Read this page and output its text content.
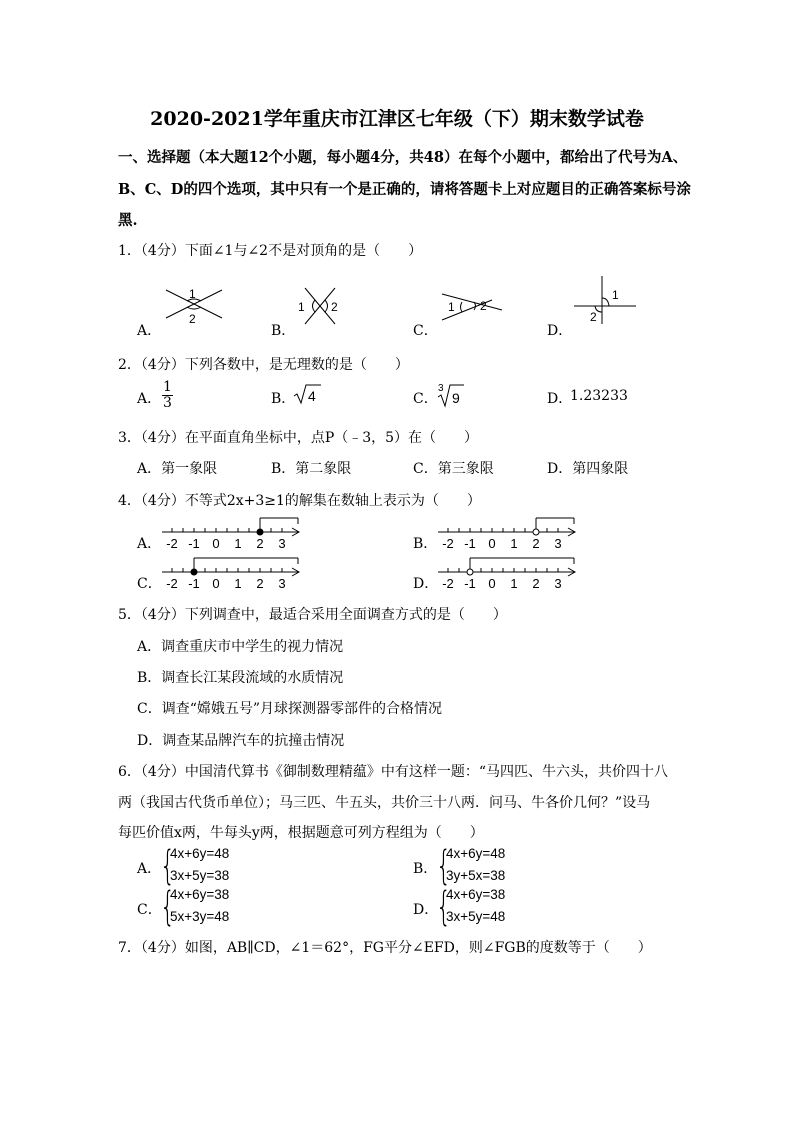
2020-2021学年重庆市江津区七年级（下）期末数学试卷
一、选择题（本大题12个小题，每小题4分，共48）在每个小题中，都给出了代号为A、
B、C、D的四个选项，其中只有一个是正确的，请将答题卡上对应题目的正确答案标号涂
黑.
1．（4分）下面∠1与∠2不是对顶角的是（　　）
A．	B．	C．	D．
1
2
1 2	1 2
1
2
2．（4分）下列各数中，是无理数的是（　　）
A． $\frac{1}{3}$	B． 4	C．
3
9	D．
1.23233
3．（4分）在平面直角坐标中，点P（﹣3，5）在（　　）
A．第一象限	B．第二象限	C．第三象限	D．第四象限
4．（4分）不等式2x+3≥1的解集在数轴上表示为（　　）
A．	B．
C．	D．
-2 -1 0 1 2 3	-2 -1 0 1 2 3
-2 -1 0 1 2 3	-2 -1 0 1 2 3
5．（4分）下列调查中，最适合采用全面调查方式的是（　　）
A．调查重庆市中学生的视力情况
B．调查长江某段流域的水质情况
C．调查“嫦娥五号”月球探测器零部件的合格情况
D．调查某品牌汽车的抗撞击情况
6．（4分）中国清代算书《御制数理精蕴》中有这样一题：“马四匹、牛六头，共价四十八
两（我国古代货币单位）；马三匹、牛五头，共价三十八两．问马、牛各价几何？”设马
每匹价值x两，牛每头y两，根据题意可列方程组为（　　）
A．
{
4x+6y=48
3x+5y=38	B．
{
4x+6y=48
3y+5x=38
C．
{
4x+6y=38
5x+3y=48	D．
{
4x+6y=38
3x+5y=48
7．（4分）如图，AB∥CD，∠1＝62°，FG平分∠EFD，则∠FGB的度数等于（　　）
